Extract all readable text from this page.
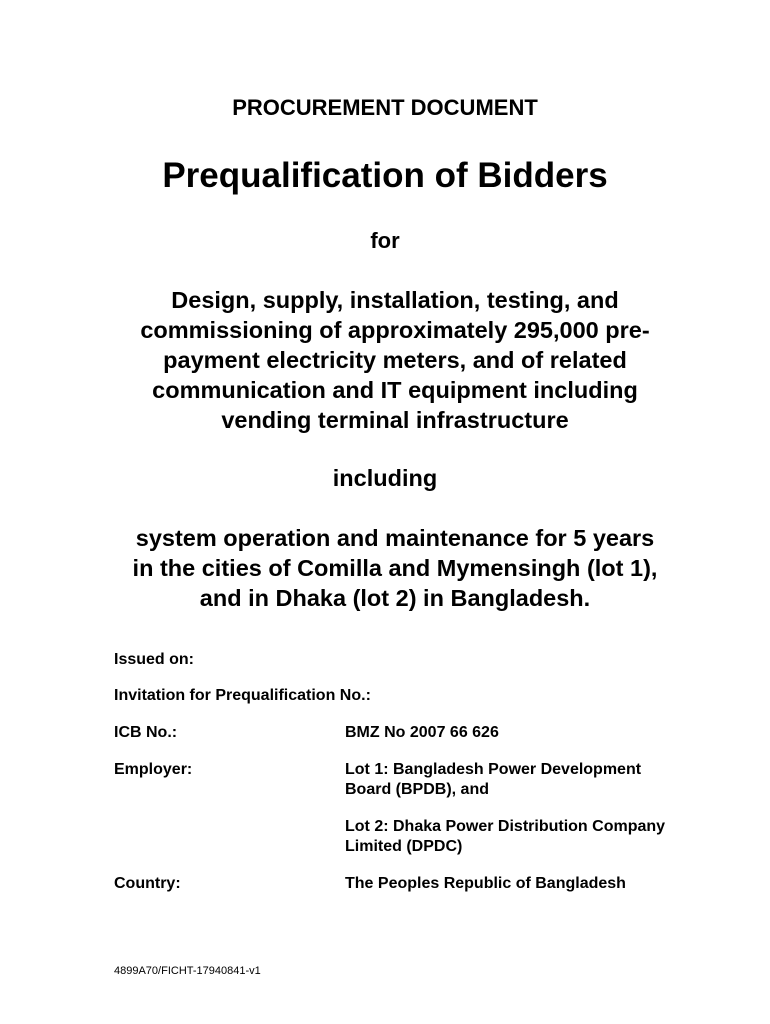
PROCUREMENT DOCUMENT
Prequalification of Bidders
for
Design, supply, installation, testing, and
commissioning of approximately 295,000 pre-
payment electricity meters, and of related
communication and IT equipment including
vending terminal infrastructure
including
system operation and maintenance for 5 years
in the cities of Comilla and Mymensingh (lot 1),
and in Dhaka (lot 2) in Bangladesh.
Issued on:
Invitation for Prequalification No.:
ICB No.:	BMZ No 2007 66 626
Employer:	Lot 1: Bangladesh Power Development
Board (BPDB), and
Lot 2: Dhaka Power Distribution Company
Limited (DPDC)
Country:	The Peoples Republic of Bangladesh
4899A70/FICHT-17940841-v1
